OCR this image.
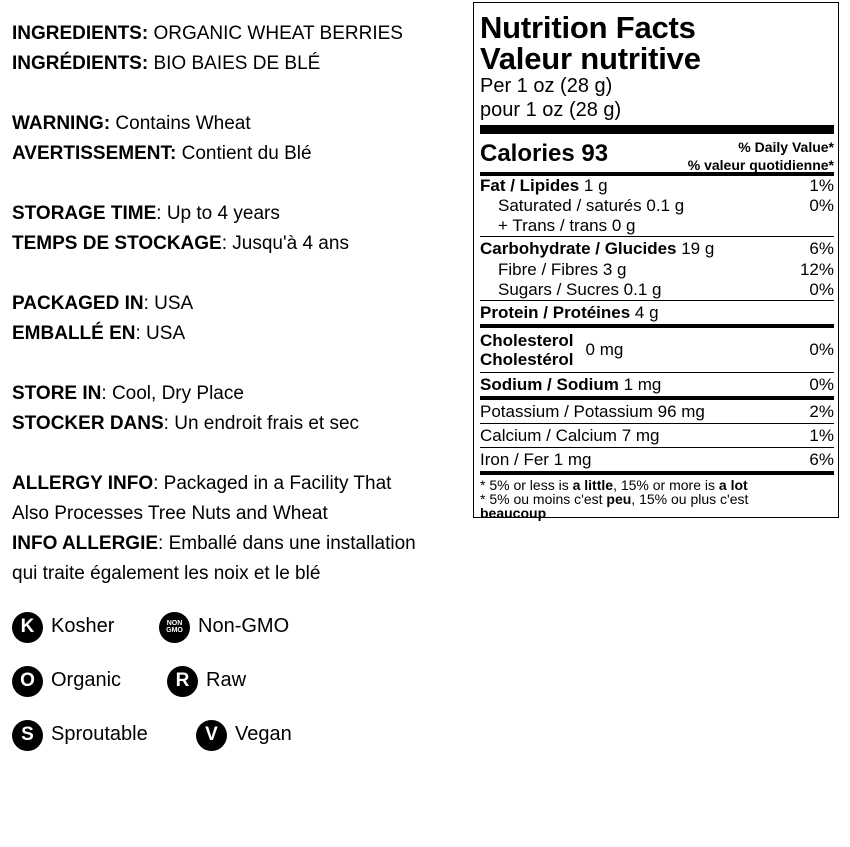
INGREDIENTS: ORGANIC WHEAT BERRIES
INGRÉDIENTS: BIO BAIES DE BLÉ
WARNING: Contains Wheat
AVERTISSEMENT: Contient du Blé
STORAGE TIME: Up to 4 years
TEMPS DE STOCKAGE: Jusqu'à 4 ans
PACKAGED IN: USA
EMBALLÉ EN: USA
STORE IN: Cool, Dry Place
STOCKER DANS: Un endroit frais et sec
ALLERGY INFO: Packaged in a Facility That
Also Processes Tree Nuts and Wheat
INFO ALLERGIE: Emballé dans une installation
qui traite également les noix et le blé
K Kosher	NON
GMO Non-GMO
O Organic	R Raw
S Sproutable	V Vegan
Nutrition Facts
Valeur nutritive
Per 1 oz (28 g)
pour 1 oz (28 g)
Calories 93	% Daily Value*
% valeur quotidienne*
Fat / Lipides 1 g	1%
Saturated / saturés 0.1 g	0%
+ Trans / trans 0 g
Carbohydrate / Glucides 19 g	6%
Fibre / Fibres 3 g	12%
Sugars / Sucres 0.1 g	0%
Protein / Protéines 4 g
Cholesterol
Cholestérol
0 mg	0%
Sodium / Sodium 1 mg	0%
Potassium / Potassium 96 mg	2%
Calcium / Calcium 7 mg	1%
Iron / Fer 1 mg	6%
* 5% or less is a little, 15% or more is a lot
* 5% ou moins c'est peu, 15% ou plus c'est
beaucoup
